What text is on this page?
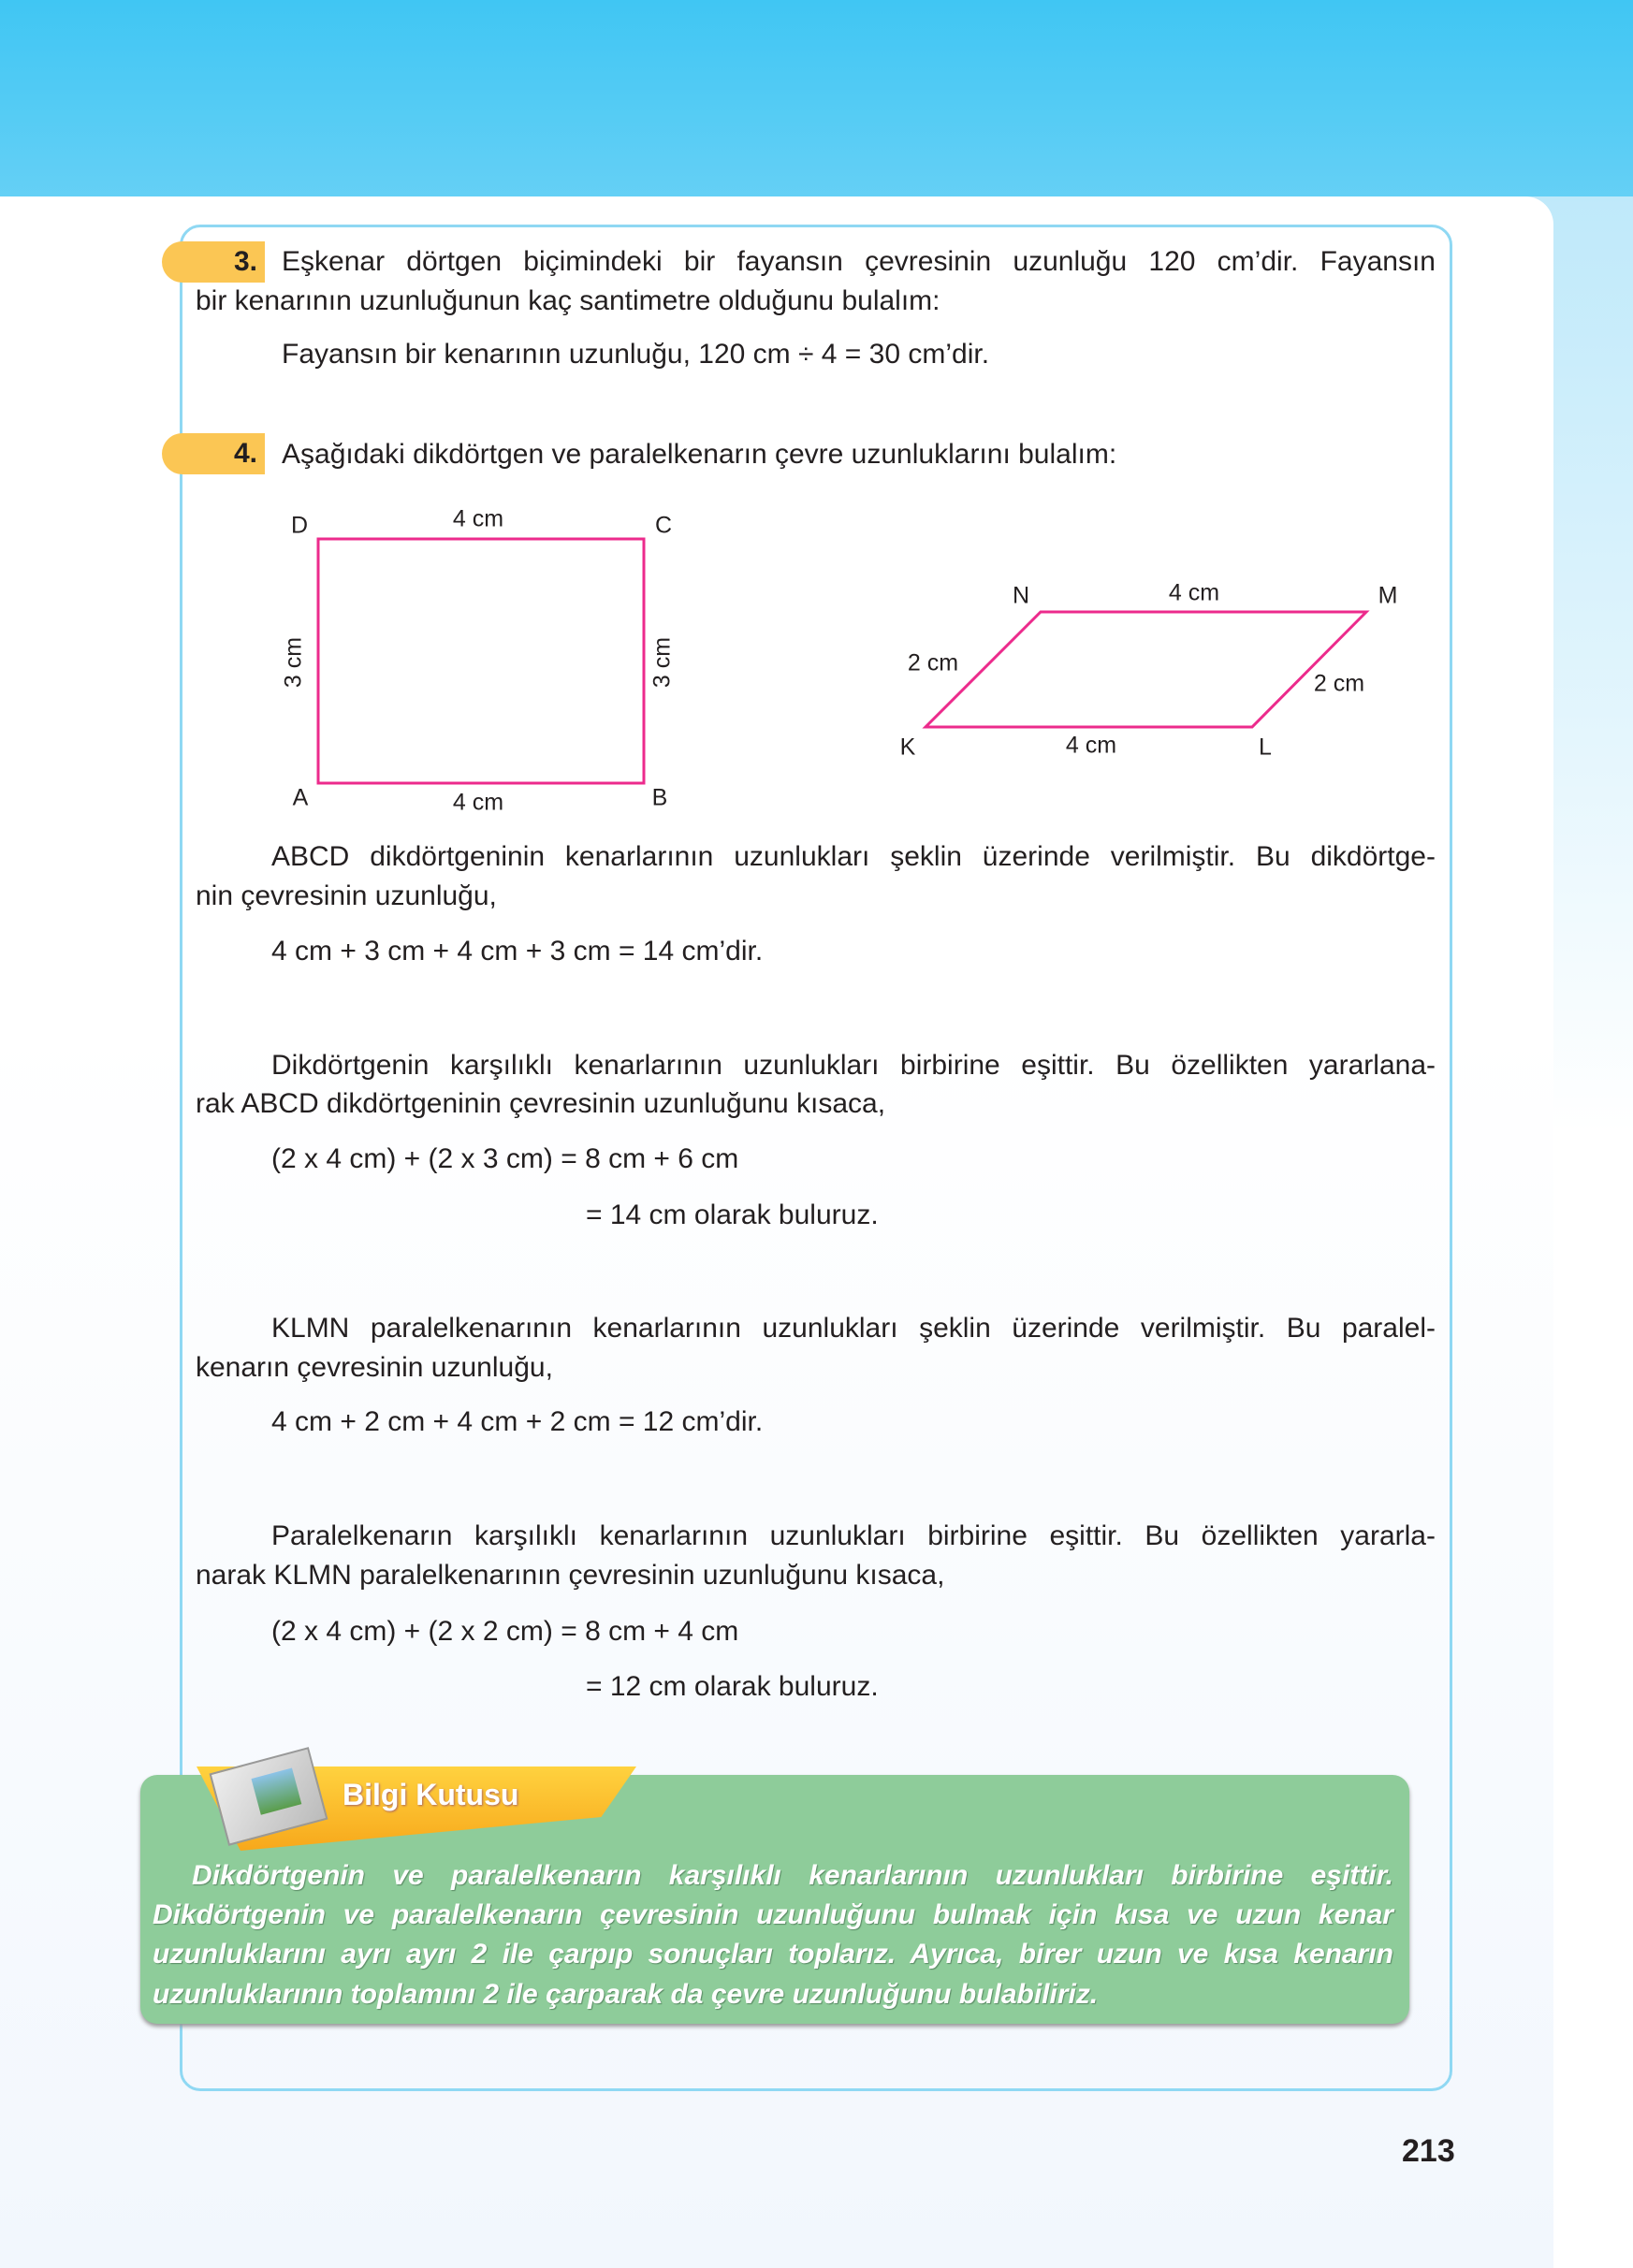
3. Eşkenar dörtgen biçimindeki bir fayansın çevresinin uzunluğu 120 cm’dir. Fayansın
bir kenarının uzunluğunun kaç santimetre olduğunu bulalım:
Fayansın bir kenarının uzunluğu, 120 cm ÷ 4 = 30 cm’dir.
4. Aşağıdaki dikdörtgen ve paralelkenarın çevre uzunluklarını bulalım:
D	C
A	B
4 cm
4 cm
3 cm	3 cm
N	M
K	L
4 cm
4 cm
2 cm
2 cm
ABCD dikdörtgeninin kenarlarının uzunlukları şeklin üzerinde verilmiştir. Bu dikdörtge-
nin çevresinin uzunluğu,
4 cm + 3 cm + 4 cm + 3 cm = 14 cm’dir.
Dikdörtgenin karşılıklı kenarlarının uzunlukları birbirine eşittir. Bu özellikten yararlana-
rak ABCD dikdörtgeninin çevresinin uzunluğunu kısaca,
(2 x 4 cm) + (2 x 3 cm) = 8 cm + 6 cm
= 14 cm olarak buluruz.
KLMN paralelkenarının kenarlarının uzunlukları şeklin üzerinde verilmiştir. Bu paralel-
kenarın çevresinin uzunluğu,
4 cm + 2 cm + 4 cm + 2 cm = 12 cm’dir.
Paralelkenarın karşılıklı kenarlarının uzunlukları birbirine eşittir. Bu özellikten yararla-
narak KLMN paralelkenarının çevresinin uzunluğunu kısaca,
(2 x 4 cm) + (2 x 2 cm) = 8 cm + 4 cm
= 12 cm olarak buluruz.
Bilgi Kutusu
Dikdörtgenin ve paralelkenarın karşılıklı kenarlarının uzunlukları birbirine eşittir.
Dikdörtgenin ve paralelkenarın çevresinin uzunluğunu bulmak için kısa ve uzun kenar
uzunluklarını ayrı ayrı 2 ile çarpıp sonuçları toplarız. Ayrıca, birer uzun ve kısa kenarın
uzunluklarının toplamını 2 ile çarparak da çevre uzunluğunu bulabiliriz.
213
